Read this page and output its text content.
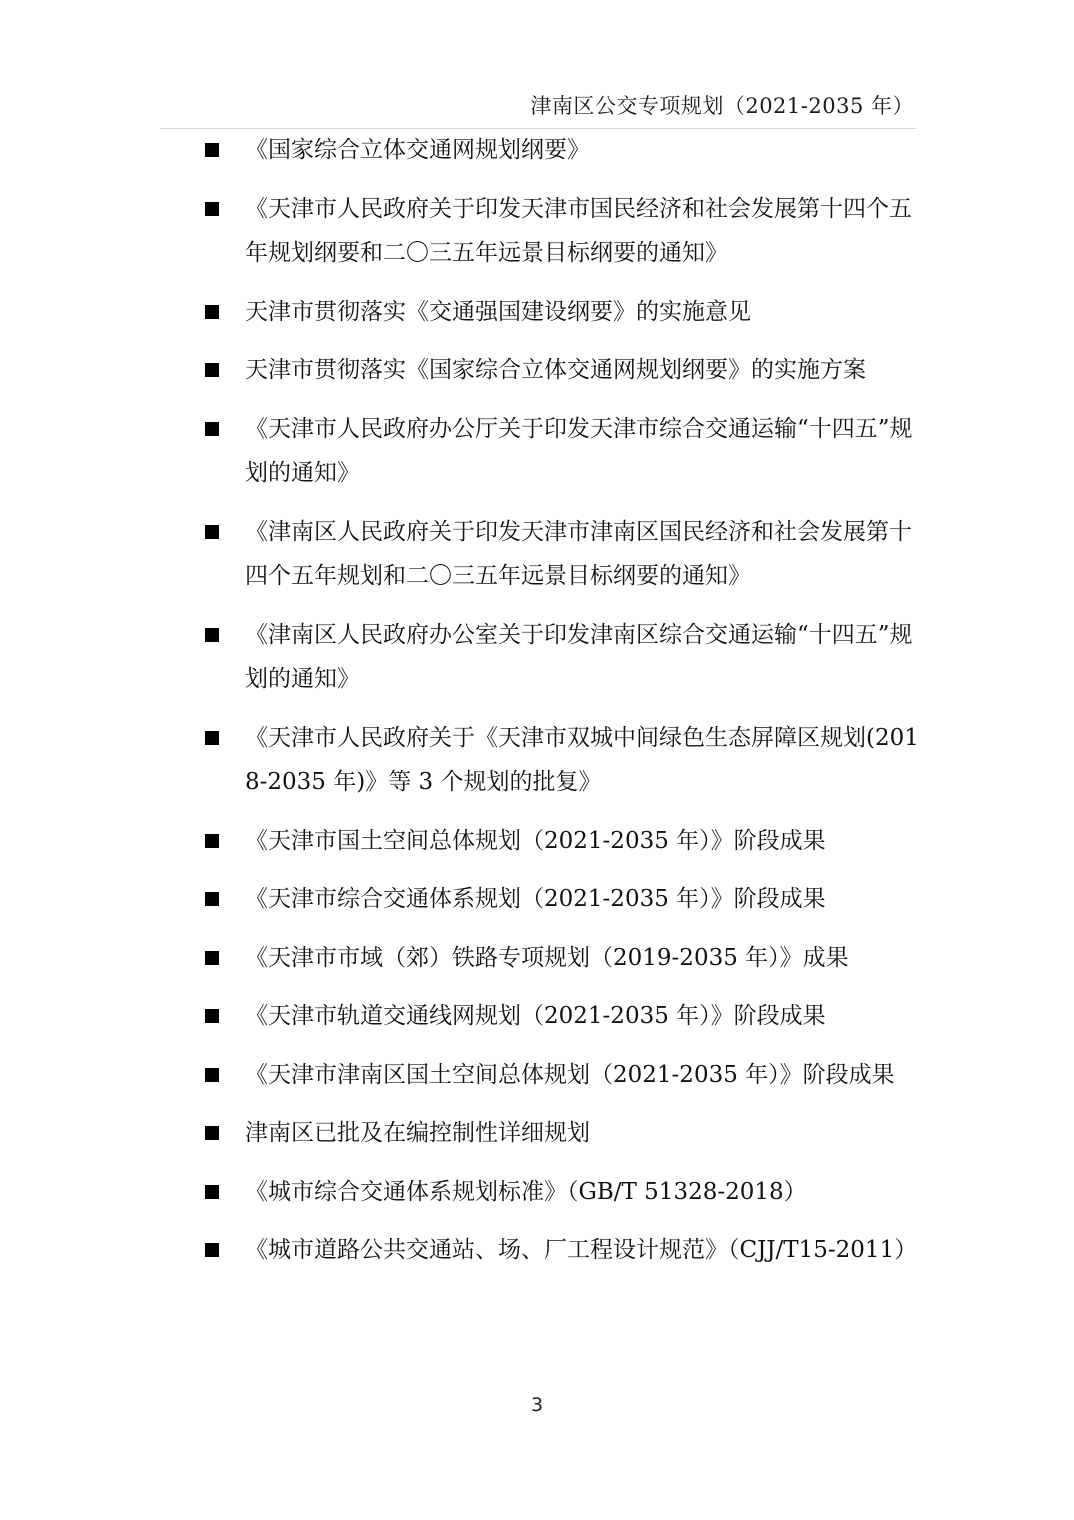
津南区公交专项规划（2021-2035 年）
《国家综合立体交通网规划纲要》
《天津市人民政府关于印发天津市国民经济和社会发展第十四个五年规划纲要和二〇三五年远景目标纲要的通知》
天津市贯彻落实《交通强国建设纲要》的实施意见
天津市贯彻落实《国家综合立体交通网规划纲要》的实施方案
《天津市人民政府办公厅关于印发天津市综合交通运输“十四五”规划的通知》
《津南区人民政府关于印发天津市津南区国民经济和社会发展第十四个五年规划和二〇三五年远景目标纲要的通知》
《津南区人民政府办公室关于印发津南区综合交通运输“十四五”规划的通知》
《天津市人民政府关于《天津市双城中间绿色生态屏障区规划(2018-2035 年)》等 3 个规划的批复》
《天津市国土空间总体规划（2021-2035 年）》阶段成果
《天津市综合交通体系规划（2021-2035 年）》阶段成果
《天津市市域（郊）铁路专项规划（2019-2035 年）》成果
《天津市轨道交通线网规划（2021-2035 年）》阶段成果
《天津市津南区国土空间总体规划（2021-2035 年）》阶段成果
津南区已批及在编控制性详细规划
《城市综合交通体系规划标准》（GB/T 51328-2018）
《城市道路公共交通站、场、厂工程设计规范》（CJJ/T15-2011）
3
